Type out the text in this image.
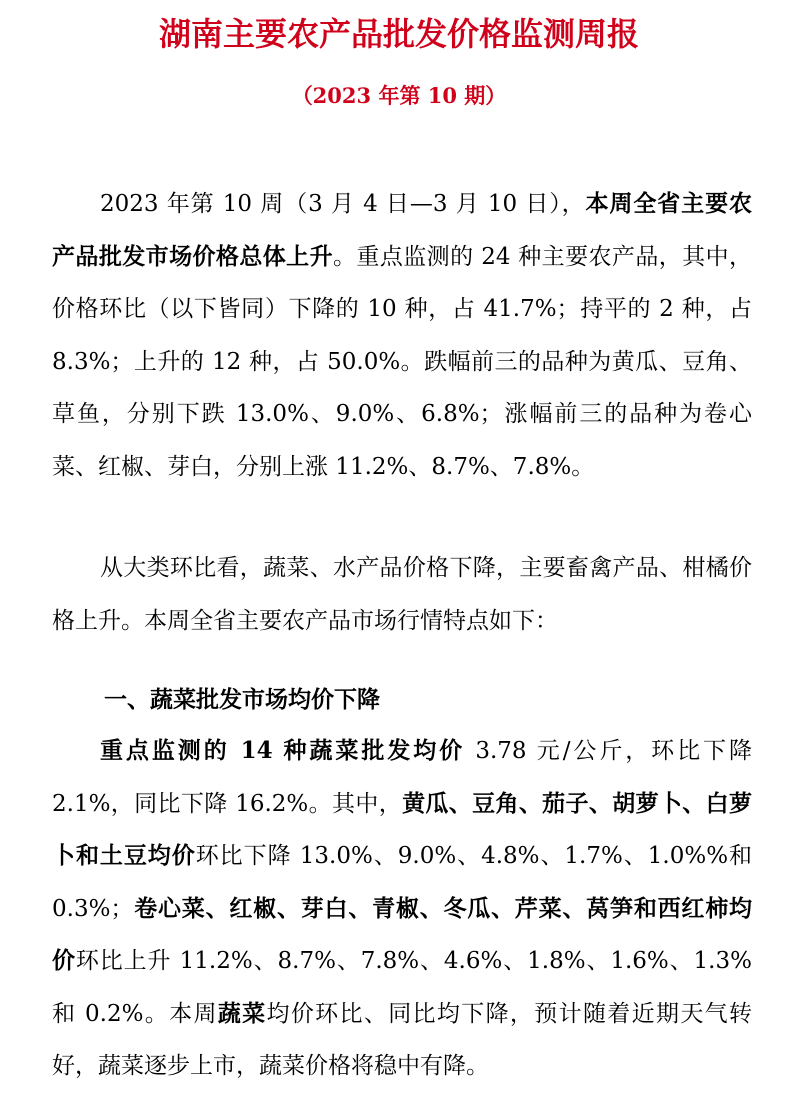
湖南主要农产品批发价格监测周报
（2023 年第 10 期）

2023 年第 10 周（3 月 4 日—3 月 10 日），本周全省主要农产品批发市场价格总体上升。重点监测的 24 种主要农产品，其中，价格环比（以下皆同）下降的 10 种，占 41.7%；持平的 2 种，占 8.3%；上升的 12 种，占 50.0%。跌幅前三的品种为黄瓜、豆角、草鱼，分别下跌 13.0%、9.0%、6.8%；涨幅前三的品种为卷心菜、红椒、芽白，分别上涨 11.2%、8.7%、7.8%。

从大类环比看，蔬菜、水产品价格下降，主要畜禽产品、柑橘价格上升。本周全省主要农产品市场行情特点如下：

一、蔬菜批发市场均价下降

重点监测的 14 种蔬菜批发均价 3.78 元/公斤，环比下降 2.1%，同比下降 16.2%。其中，黄瓜、豆角、茄子、胡萝卜、白萝卜和土豆均价环比下降 13.0%、9.0%、4.8%、1.7%、1.0%%和 0.3%；卷心菜、红椒、芽白、青椒、冬瓜、芹菜、莴笋和西红柿均价环比上升 11.2%、8.7%、7.8%、4.6%、1.8%、1.6%、1.3%和 0.2%。本周蔬菜均价环比、同比均下降，预计随着近期天气转好，蔬菜逐步上市，蔬菜价格将稳中有降。
